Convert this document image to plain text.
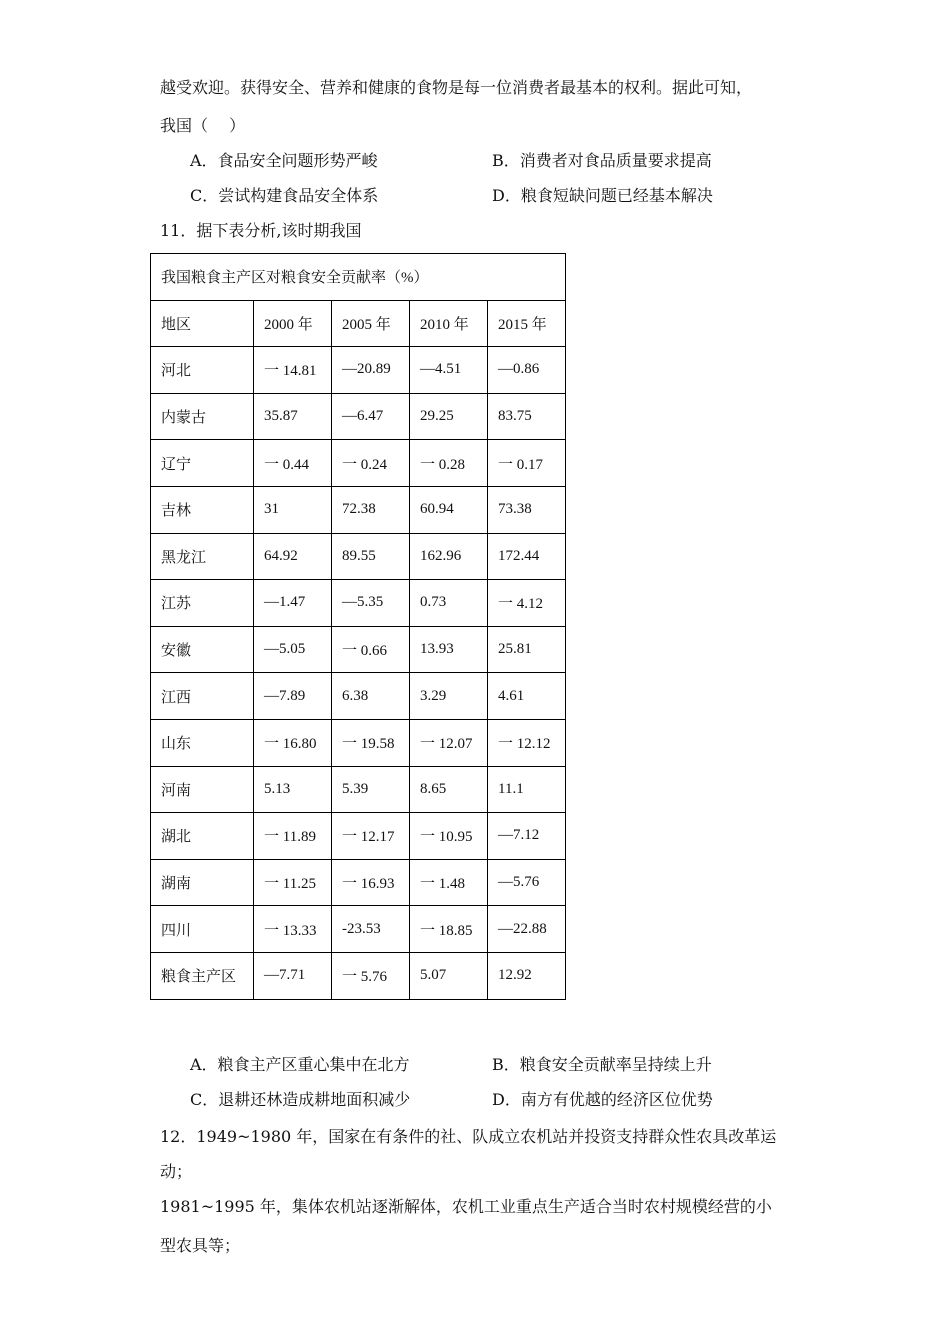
越受欢迎。获得安全、营养和健康的食物是每一位消费者最基本的权利。据此可知，
我国（　 ）
A．食品安全问题形势严峻	B．消费者对食品质量要求提高
C．尝试构建食品安全体系	D．粮食短缺问题已经基本解决
11．据下表分析,该时期我国
我国粮食主产区对粮食安全贡献率（%）				
地区	2000 年	2005 年	2010 年	2015 年
河北	一 14.81	—20.89	—4.51	—0.86
内蒙古	35.87	—6.47	29.25	83.75
辽宁	一 0.44	一 0.24	一 0.28	一 0.17
吉林	31	72.38	60.94	73.38
黑龙江	64.92	89.55	162.96	172.44
江苏	—1.47	—5.35	0.73	一 4.12
安徽	—5.05	一 0.66	13.93	25.81
江西	—7.89	6.38	3.29	4.61
山东	一 16.80	一 19.58	一 12.07	一 12.12
河南	5.13	5.39	8.65	11.1
湖北	一 11.89	一 12.17	一 10.95	—7.12
湖南	一 11.25	一 16.93	一 1.48	—5.76
四川	一 13.33	-23.53	一 18.85	—22.88
粮食主产区	—7.71	一 5.76	5.07	12.92
A．粮食主产区重心集中在北方	B．粮食安全贡献率呈持续上升
C．退耕还林造成耕地面积减少	D．南方有优越的经济区位优势
12．1949~1980 年，国家在有条件的社、队成立农机站并投资支持群众性农具改革运
动；
1981~1995 年，集体农机站逐渐解体，农机工业重点生产适合当时农村规模经营的小
型农具等；
